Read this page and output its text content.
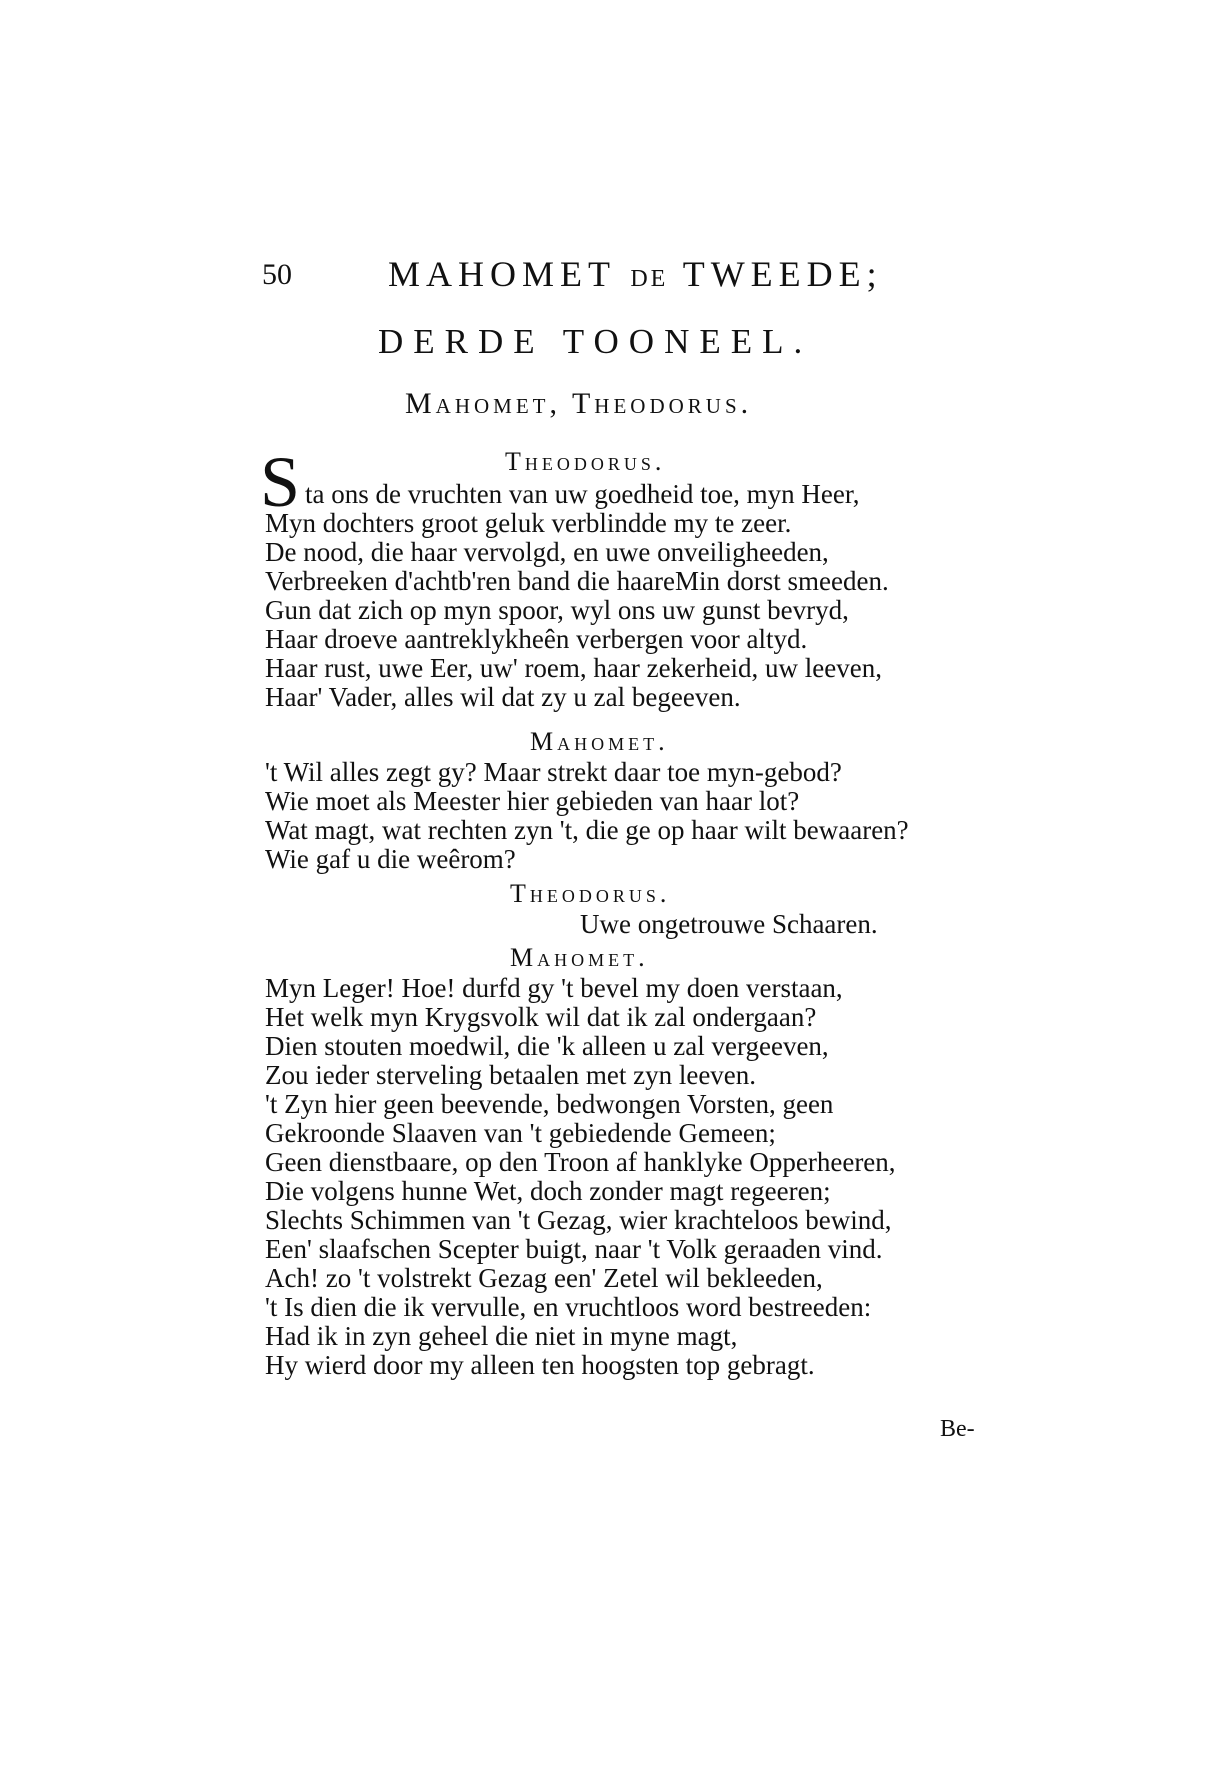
50	MAHOMET DE TWEEDE;
DERDE TOONEEL.
Mahomet, Theodorus.
Theodorus.
S ta ons de vruchten van uw goedheid toe, myn Heer,
Myn dochters groot geluk verblindde my te zeer.
De nood, die haar vervolgd, en uwe onveiligheeden,
Verbreeken d'achtb'ren band die haareMin dorst smeeden.
Gun dat zich op myn spoor, wyl ons uw gunst bevryd,
Haar droeve aantreklykheên verbergen voor altyd.
Haar rust, uwe Eer, uw' roem, haar zekerheid, uw leeven,
Haar' Vader, alles wil dat zy u zal begeeven.
Mahomet.
't Wil alles zegt gy? Maar strekt daar toe myn-gebod?
Wie moet als Meester hier gebieden van haar lot?
Wat magt, wat rechten zyn 't, die ge op haar wilt bewaaren?
Wie gaf u die weêrom?
Theodorus.
Uwe ongetrouwe Schaaren.
Mahomet.
Myn Leger! Hoe! durfd gy 't bevel my doen verstaan,
Het welk myn Krygsvolk wil dat ik zal ondergaan?
Dien stouten moedwil, die 'k alleen u zal vergeeven,
Zou ieder sterveling betaalen met zyn leeven.
't Zyn hier geen beevende, bedwongen Vorsten, geen
Gekroonde Slaaven van 't gebiedende Gemeen;
Geen dienstbaare, op den Troon af hanklyke Opperheeren,
Die volgens hunne Wet, doch zonder magt regeeren;
Slechts Schimmen van 't Gezag, wier krachteloos bewind,
Een' slaafschen Scepter buigt, naar 't Volk geraaden vind.
Ach! zo 't volstrekt Gezag een' Zetel wil bekleeden,
't Is dien die ik vervulle, en vruchtloos word bestreeden:
Had ik in zyn geheel die niet in myne magt,
Hy wierd door my alleen ten hoogsten top gebragt.
Be-
